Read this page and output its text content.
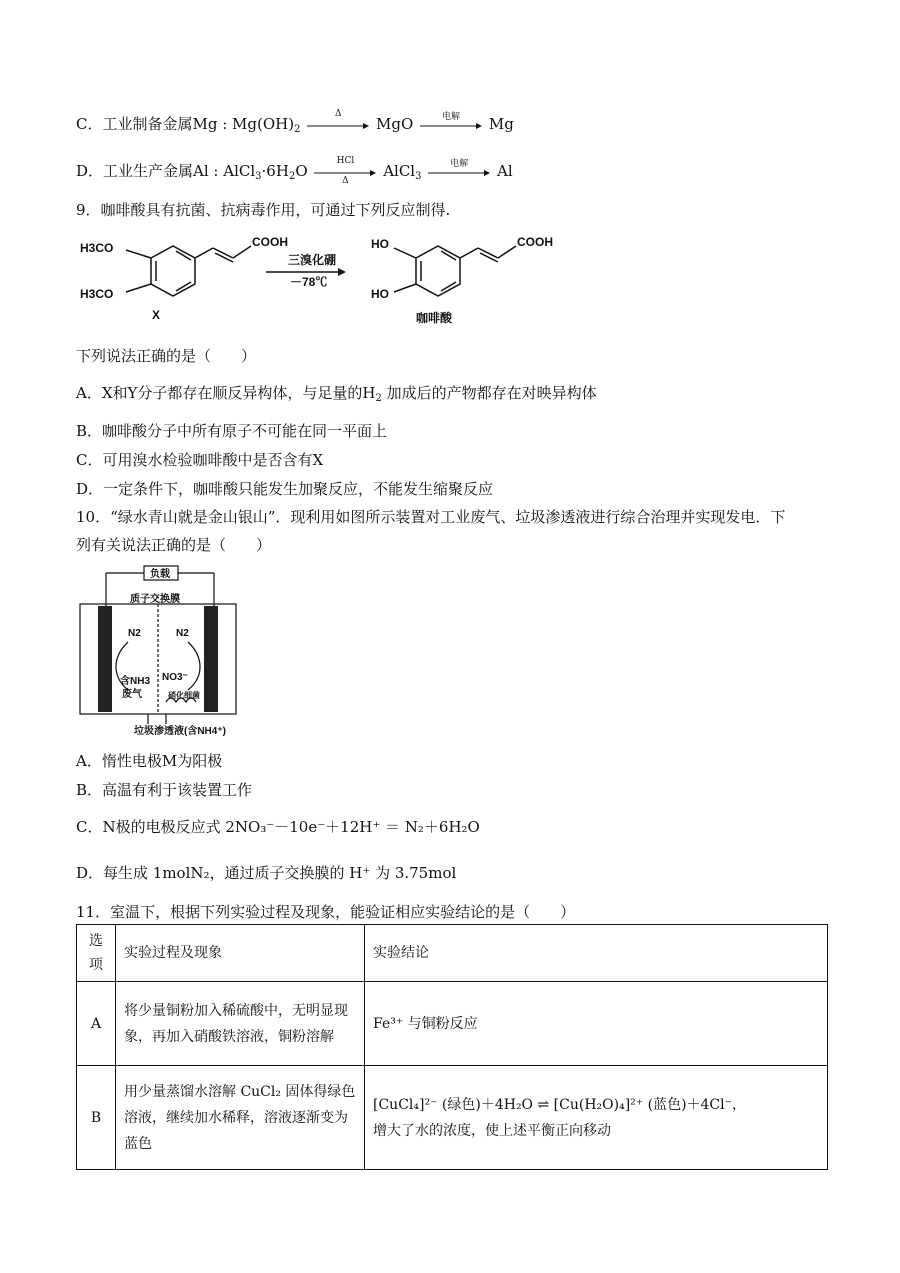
C．工业制备金属Mg : $Mg(OH)_2$
Δ
MgO	电解	Mg
D．工业生产金属Al : $AlCl_3\cdot 6H_2O$
HCl
Δ
AlCl$_3$
电解	Al
9．咖啡酸具有抗菌、抗病毒作用，可通过下列反应制得.
H3CO
H3CO
COOH
X
三溴化硼
－78℃
HO
HO
COOH
咖啡酸
下列说法正确的是（　　）
A．X和Y分子都存在顺反异构体，与足量的$H_2$ 加成后的产物都存在对映异构体
B．咖啡酸分子中所有原子不可能在同一平面上
C．可用溴水检验咖啡酸中是否含有X
D．一定条件下，咖啡酸只能发生加聚反应，不能发生缩聚反应
10．“绿水青山就是金山银山”．现利用如图所示装置对工业废气、垃圾渗透液进行综合治理并实现发电．下
列有关说法正确的是（　　）
负载
质子交换膜
N2	N2
含NH3
废气
NO3⁻
硝化细菌
垃圾渗透液(含NH4⁺)
A．惰性电极M为阳极
B．高温有利于该装置工作
C．N极的电极反应式 2NO₃⁻－10e⁻＋12H⁺ ＝ N₂＋6H₂O
D．每生成 1molN₂，通过质子交换膜的 H⁺ 为 3.75mol
11．室温下，根据下列实验过程及现象，能验证相应实验结论的是（　　）
选项	实验过程及现象	实验结论
A	将少量铜粉加入稀硫酸中，无明显现象，再加入硝酸铁溶液，铜粉溶解	Fe³⁺ 与铜粉反应
B	用少量蒸馏水溶解 CuCl₂ 固体得绿色溶液，继续加水稀释，溶液逐渐变为蓝色	[CuCl₄]²⁻ (绿色)＋4H₂O ⇌ [Cu(H₂O)₄]²⁺ (蓝色)＋4Cl⁻，
增大了水的浓度，使上述平衡正向移动
